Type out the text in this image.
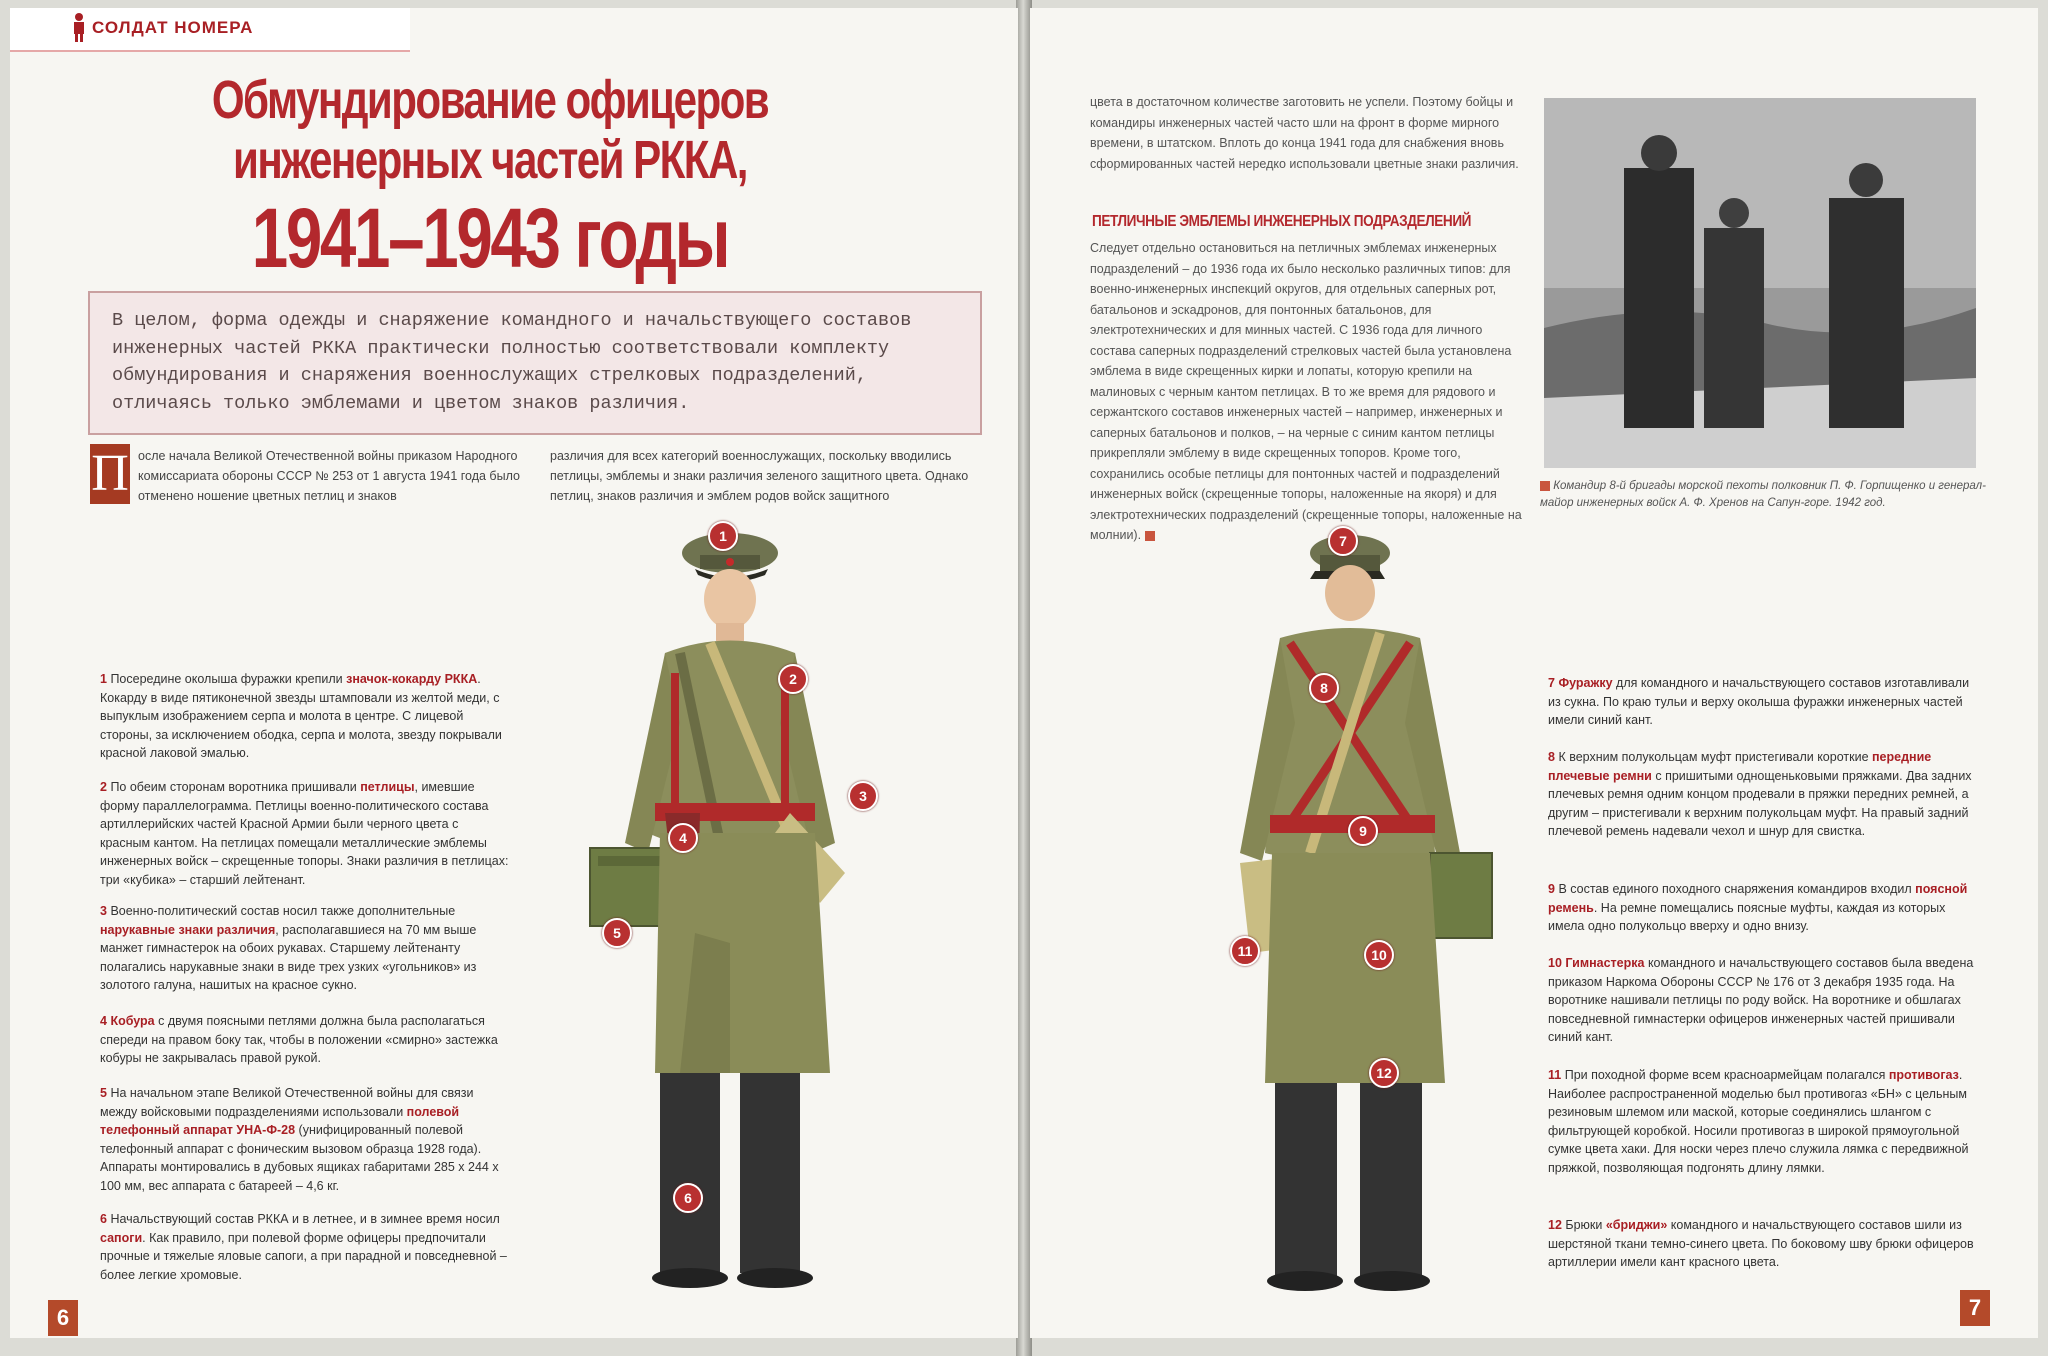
СОЛДАТ НОМЕРА
Обмундирование офицеров
инженерных частей РККА,
1941–1943 годы

В целом, форма одежды и снаряжение командного и начальствующего составов инженерных частей РККА практически полностью соответствовали комплекту обмундирования и снаряжения военнослужащих стрелковых подразделений, отличаясь только эмблемами и цветом знаков различия.

П осле начала Великой Отечественной войны приказом Народного комиссариата обороны СССР № 253 от 1 августа 1941 года было отменено ношение цветных петлиц и знаков
различия для всех категорий военнослужащих, поскольку вводились петлицы, эмблемы и знаки различия зеленого защитного цвета. Однако петлиц, знаков различия и эмблем родов войск защитного
1 Посередине околыша фуражки крепили значок-кокарду РККА. Кокарду в виде пятиконечной звезды штамповали из желтой меди, с выпуклым изображением серпа и молота в центре. С лицевой стороны, за исключением ободка, серпа и молота, звезду покрывали красной лаковой эмалью.
2 По обеим сторонам воротника пришивали петлицы, имевшие форму параллелограмма. Петлицы военно-политического состава артиллерийских частей Красной Армии были черного цвета с красным кантом. На петлицах помещали металлические эмблемы инженерных войск – скрещенные топоры. Знаки различия в петлицах: три «кубика» – старший лейтенант.
3 Военно-политический состав носил также дополнительные нарукавные знаки различия, располагавшиеся на 70 мм выше манжет гимнастерок на обоих рукавах. Старшему лейтенанту полагались нарукавные знаки в виде трех узких «угольников» из золотого галуна, нашитых на красное сукно.
4 Кобура с двумя поясными петлями должна была располагаться спереди на правом боку так, чтобы в положении «смирно» застежка кобуры не закрывалась правой рукой.
5 На начальном этапе Великой Отечественной войны для связи между войсковыми подразделениями использовали полевой телефонный аппарат УНА-Ф-28 (унифицированный полевой телефонный аппарат с фоническим вызовом образца 1928 года). Аппараты монтировались в дубовых ящиках габаритами 285 x 244 x 100 мм, вес аппарата с батареей – 4,6 кг.
6 Начальствующий состав РККА и в летнее, и в зимнее время носил сапоги. Как правило, при полевой форме офицеры предпочитали прочные и тяжелые яловые сапоги, а при парадной и повседневной – более легкие хромовые.
1
2
3
4
5
6
6
цвета в достаточном количестве заготовить не успели. Поэтому бойцы и командиры инженерных частей часто шли на фронт в форме мирного времени, в штатском. Вплоть до конца 1941 года для снабжения вновь сформированных частей нередко использовали цветные знаки различия.
ПЕТЛИЧНЫЕ ЭМБЛЕМЫ ИНЖЕНЕРНЫХ ПОДРАЗДЕЛЕНИЙ
Следует отдельно остановиться на петличных эмблемах инженерных подразделений – до 1936 года их было несколько различных типов: для военно-инженерных инспекций округов, для отдельных саперных рот, батальонов и эскадронов, для понтонных батальонов, для электротехнических и для минных частей. С 1936 года для личного состава саперных подразделений стрелковых частей была установлена эмблема в виде скрещенных кирки и лопаты, которую крепили на малиновых с черным кантом петлицах. В то же время для рядового и сержантского составов инженерных частей – например, инженерных и саперных батальонов и полков, – на черные с синим кантом петлицы прикрепляли эмблему в виде скрещенных топоров. Кроме того, сохранились особые петлицы для понтонных частей и подразделений инженерных войск (скрещенные топоры, наложенные на якоря) и для электротехнических подразделений (скрещенные топоры, наложенные на молнии).
Командир 8-й бригады морской пехоты полковник П. Ф. Горпищенко и генерал-майор инженерных войск А. Ф. Хренов на Сапун-горе. 1942 год.
7
8
9
10
11
12
7 Фуражку для командного и начальствующего составов изготавливали из сукна. По краю тульи и верху околыша фуражки инженерных частей имели синий кант.
8 К верхним полукольцам муфт пристегивали короткие передние плечевые ремни с пришитыми однощеньковыми пряжками. Два задних плечевых ремня одним концом продевали в пряжки передних ремней, а другим – пристегивали к верхним полукольцам муфт. На правый задний плечевой ремень надевали чехол и шнур для свистка.
9 В состав единого походного снаряжения командиров входил поясной ремень. На ремне помещались поясные муфты, каждая из которых имела одно полукольцо вверху и одно внизу.
10 Гимнастерка командного и начальствующего составов была введена приказом Наркома Обороны СССР № 176 от 3 декабря 1935 года. На воротнике нашивали петлицы по роду войск. На воротнике и обшлагах повседневной гимнастерки офицеров инженерных частей пришивали синий кант.
11 При походной форме всем красноармейцам полагался противогаз. Наиболее распространенной моделью был противогаз «БН» с цельным резиновым шлемом или маской, которые соединялись шлангом с фильтрующей коробкой. Носили противогаз в широкой прямоугольной сумке цвета хаки. Для носки через плечо служила лямка с передвижной пряжкой, позволяющая подгонять длину лямки.
12 Брюки «бриджи» командного и начальствующего составов шили из шерстяной ткани темно-синего цвета. По боковому шву брюки офицеров артиллерии имели кант красного цвета.
7
